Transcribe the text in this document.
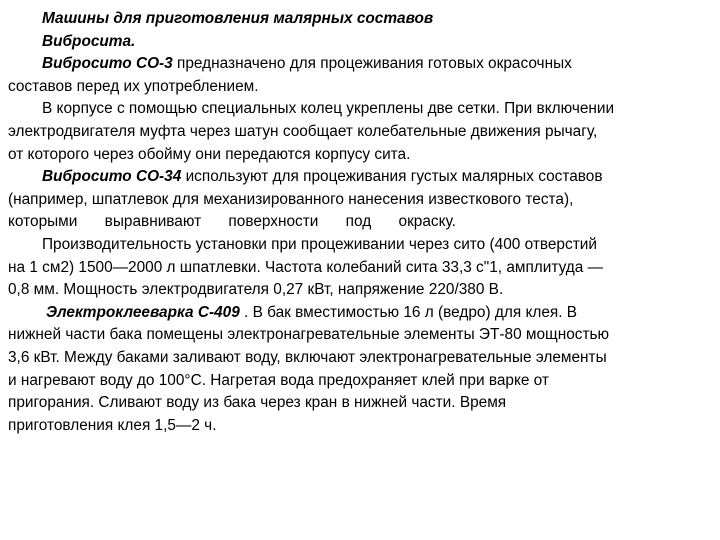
Машины для приготовления малярных составов
Вибросита.
Вибросито СО-3 предназначено для процеживания готовых окрасочных
составов перед их употреблением.
В корпусе с помощью специальных колец укреплены две сетки. При включении
электродвигателя муфта через шатун сообщает колебательные движения рычагу,
от которого через обойму они передаются корпусу сита.
Вибросито СО-34 используют для процеживания густых малярных составов
(например, шпатлевок для механизированного нанесения известкового теста),
которыми выравнивают поверхности под окраску.
Производительность установки при процеживании через сито (400 отверстий
на 1 см2) 1500—2000 л шпатлевки. Частота колебаний сита 33,3 с"1, амплитуда —
0,8 мм. Мощность электродвигателя 0,27 кВт, напряжение 220/380 В.
Электроклееварка С-409 . В бак вместимостью 16 л (ведро) для клея. В
нижней части бака помещены электронагревательные элементы ЭТ-80 мощностью
3,6 кВт. Между баками заливают воду, включают электронагревательные элементы
и нагревают воду до 100°С. Нагретая вода предохраняет клей при варке от
пригорания. Сливают воду из бака через кран в нижней части. Время
приготовления клея 1,5—2 ч.
